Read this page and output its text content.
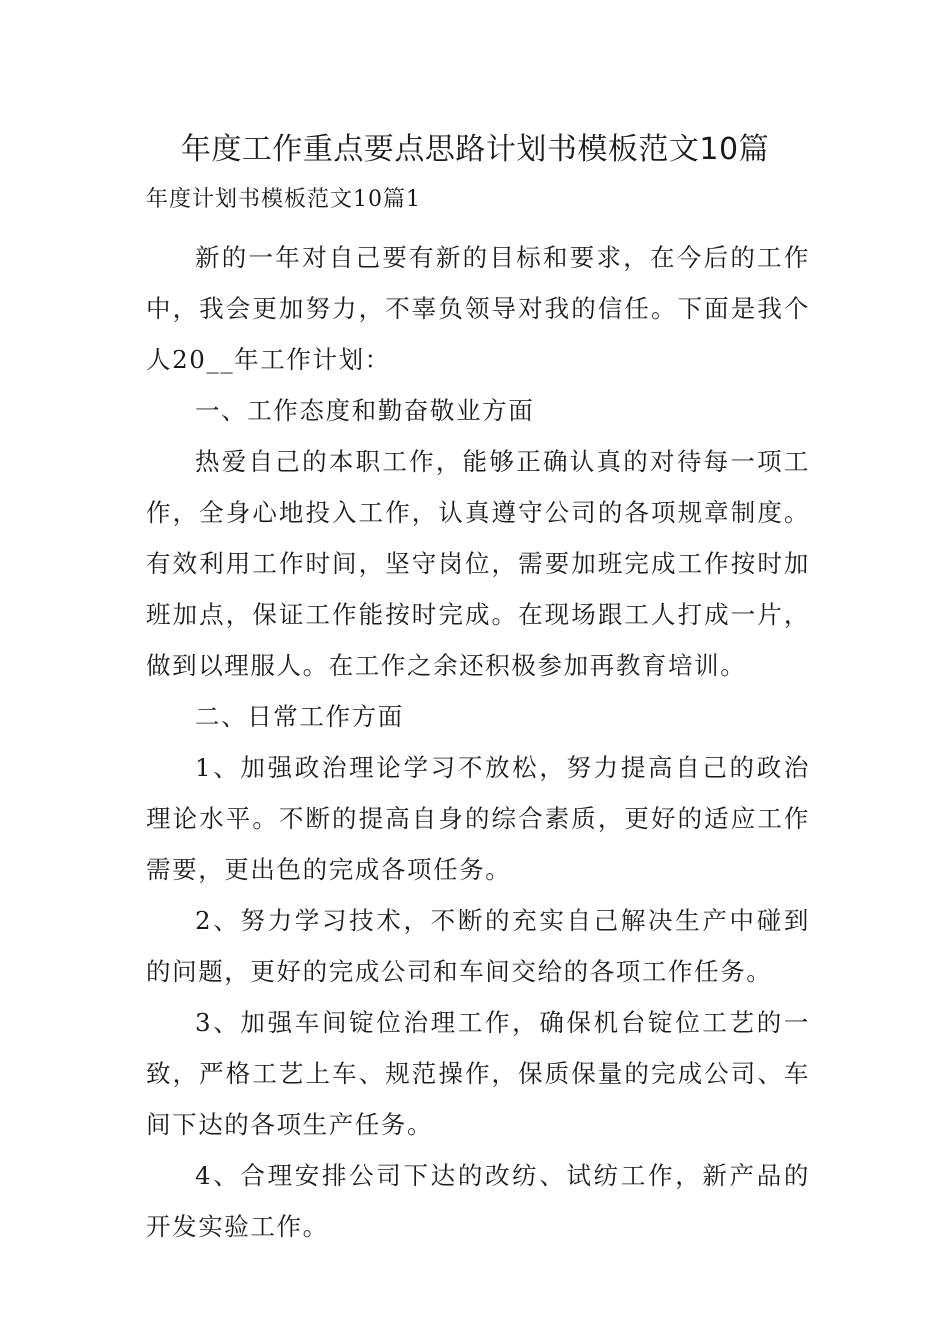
年度工作重点要点思路计划书模板范文10篇

年度计划书模板范文10篇1

新的一年对自己要有新的目标和要求，在今后的工作中，我会更加努力，不辜负领导对我的信任。下面是我个人20__年工作计划：

一、工作态度和勤奋敬业方面

热爱自己的本职工作，能够正确认真的对待每一项工作，全身心地投入工作，认真遵守公司的各项规章制度。有效利用工作时间，坚守岗位，需要加班完成工作按时加班加点，保证工作能按时完成。在现场跟工人打成一片，做到以理服人。在工作之余还积极参加再教育培训。

二、日常工作方面

1、加强政治理论学习不放松，努力提高自己的政治理论水平。不断的提高自身的综合素质，更好的适应工作需要，更出色的完成各项任务。

2、努力学习技术，不断的充实自己解决生产中碰到的问题，更好的完成公司和车间交给的各项工作任务。

3、加强车间锭位治理工作，确保机台锭位工艺的一致，严格工艺上车、规范操作，保质保量的完成公司、车间下达的各项生产任务。

4、合理安排公司下达的改纺、试纺工作，新产品的开发实验工作。
